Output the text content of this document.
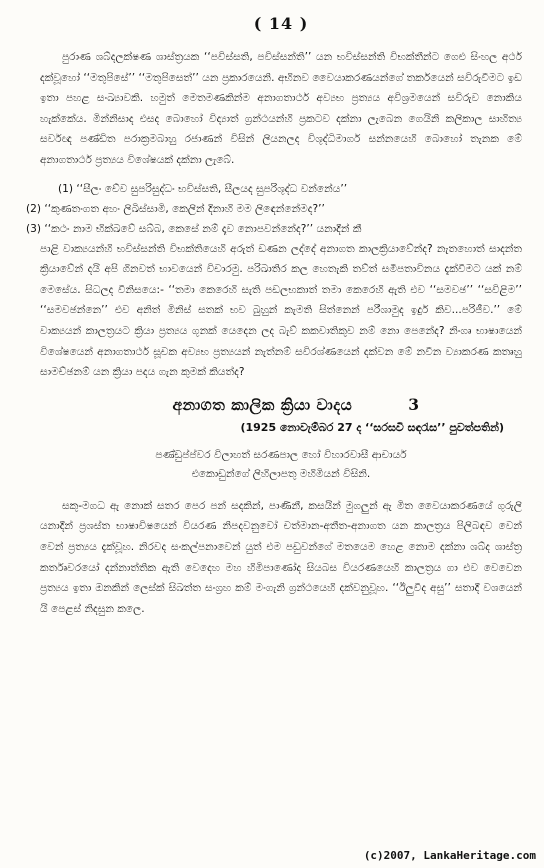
( 14 )

පුරාණ ශබ්දලක්ෂණ ශාස්ත්‍රයක ‘‘පවිස්සති, පවිස්සන්ති’’ යන භවිස්සන්ති විභක්තීන්ට ගෙළු සිංහල අර්ථ දක්වූහෝ ‘‘මතුපිසේ’’ ‘‘මතුපිසෙත්’’ යන ප්‍රකාරයෙනි. අභිනව වෛයාකරණයන්ගේ තර්කයෙන් සවිරුවීමට ඉඩ ඉතා පහළ සංඛ්‍යාවකි. හමුත් මෙතමණකින්ම අනාගතාර්ථ අව්‍යභ ප්‍රත්‍යය අවිශ්‍රමයෙන් සවිරුව නොකිය හැක්කේය. මින්නිසාද එසද බොහෝ විද්‍යාත් ග්‍රන්ථයන්හි ප්‍රකටව දක්නා ලැබෙන ගෙයිනි කලිකාල සාහිත්‍ය සර්වඥ පණ්ඩිත පරාක්‍රමබාහු රජාණන් විසින් ලියනලද විශුද්ධිමාර්ග සන්නයෙහි බොහෝ තැනක මේ අනාගතාර්ථ ප්‍රත්‍යය විශේෂයක් දක්නා ලැබේ.

(1) ‘‘සීලං චේව සුපරිසුද්ධං භවිස්සති, සීලයද සුපරිශුද්ධ වන්නේය’’

(2) ‘‘කුණතංගත අහං ලිඛිස්සාමි, කෙලින් දිනාහි මම ලිඳෙන්නේමද?’’

(3) ‘‘කථං නාම භික්ඛවේ සබ්බ, කෙසේ නම් දෑව නොපවන්නේද?’’ යනාදීන් කී

පාළි වාක්‍යයන්හි භවිස්සන්ති විභක්තියෙහි අරුත් ඩණන ලද්දේ අනාගත කාලක්‍රියාවේන්ද? නැතහොත් සාදන්ත ක්‍රියාවේන් දයි අපි ගිනවත් භාවයෙන් විචාරමු. පරිඛාතිර කල හෙතැකි තව්ත් සමීපතාවිනය දැක්වීමට යක් නම් මෙසේය. සිධලද වීනිසයෙ:- ‘‘තමා කෙරෙහි සැති පඩලභකාත් තමා කෙරෙහි ඇති එව ‘‘සමවඡ’’ ‘‘සවිළිම’’ ‘‘සමවඡන්නෙ’’ එව අනිත් මිනිස් සතක් භව බුහුන් කැමති සිත්නෙන් පරීශාමුද ඉදුර් කිව...පරිජීව.’’ මේ වාක්‍යයන් කාලත්‍රයට ක්‍රියා ප්‍රත්‍යය ගුනක් යෙදෙන ලද බැව් කකවාතිකුව නම් නො පෙනේද? නිංග්‍රු භාෂායෙන් විශේෂයෙන් අනාගතාර්ථ සූචක අව්‍යභ ප්‍රත්‍යයන් නැත්නම් සවිරශ්ණයෙන් දක්වන මේ නවීන ව්‍යාකරණ කත්‍රුහු සාමච්ඡනම් යන ක්‍රියා පදය ගැන කුමක් කියත්ද?

අනාගත කාලික ක්‍රියා වාදය	3
(1925 නොවැම්බර 27 ද ‘‘සරසවි සඳරැස’’ පුවත්පතින්)
පණ්ඩුප්ප්ව‍ර විලාහත් සරණපාල හෝ විහාරවාසී ආචාර්ය
එකොඩුන්ගේ ලිහිලාපතු මහිමියන් විසිනි.

සකු-මගධ ඇ නොක් සතර පෙර පන් සදකින්, පාණිනී, කසයින් මුගලුන් ඇ මිත වෛයාකරණයේ ගුරුලි යනාදීන් ප්‍රශස්ත භාෂාවිෂයෙන් වියරණ නිපදවනුවෝ චත්මාන-අතීත-අනාගත යන කාලත්‍රය පිලිබඳව වෙන් වෙන් ප්‍රත්‍යය දැක්වූහ. නිරවද සංකල්පනාවෙන් යුත් එම පඩුවන්ගේ මතයෙම හෙළ නොම දක්නා ශබ්ද ශාස්ත්‍ර කර්තෘවරයෝ දන්නාත්තික ඇති වෙදෙහ මහ හිමිපාණෝද සියබස වියරණයෙහි කාලත්‍රය ගා එව වෙවෙන ප්‍රත්‍යය ඉතා ඔනකින් ලෙස්ක් සිඛත්ත සංග්‍රහ කම් මංගැනි ග්‍රන්ථයෙහි දක්වනුවූහ. ‘‘ඊලුවීද අසු’’ සතාදී වශයෙන් යි පෙළස් නිදසුන කලෙ.

(c)2007, LankaHeritage.com
